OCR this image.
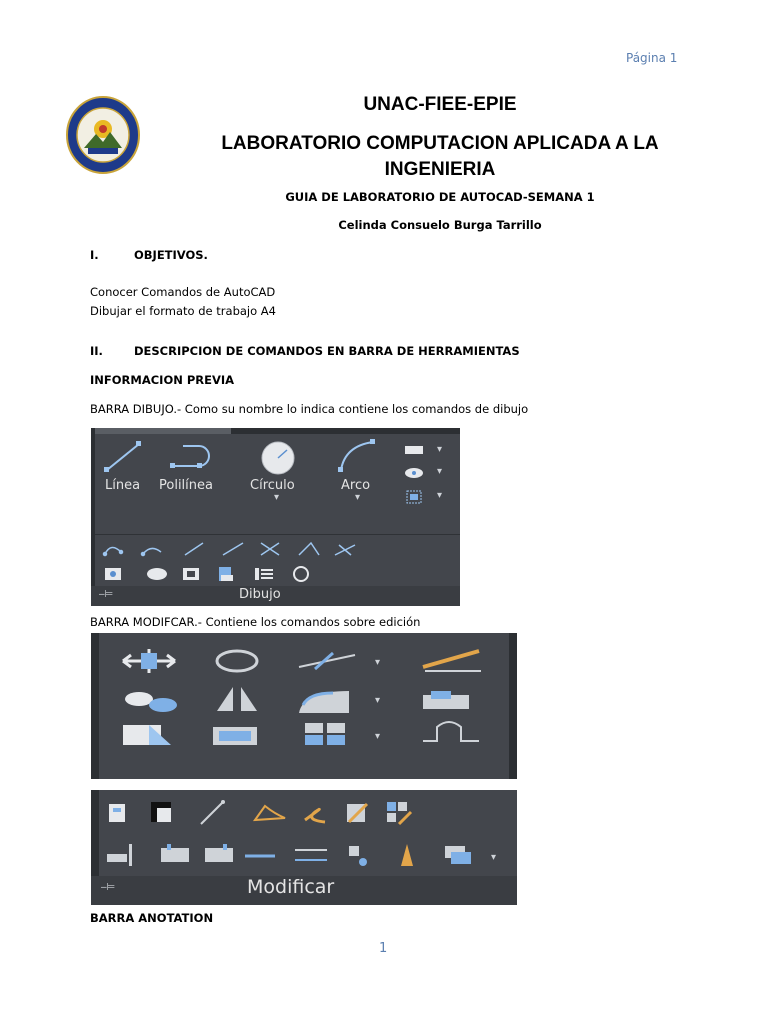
Página 1
UNAC-FIEE-EPIE
LABORATORIO COMPUTACION APLICADA A LA
INGENIERIA
GUIA DE LABORATORIO DE AUTOCAD-SEMANA 1
Celinda Consuelo Burga Tarrillo
I.	OBJETIVOS.
Conocer Comandos de AutoCAD
Dibujar el formato de trabajo A4
II.	DESCRIPCION DE COMANDOS EN BARRA DE HERRAMIENTAS
INFORMACION PREVIA
BARRA DIBUJO.- Como su nombre lo indica contiene los comandos de dibujo
Línea Polilínea	Círculo
▾
Arco
▾
▾
▾
▾
–⊨	Dibujo
BARRA MODIFCAR.- Contiene los comandos sobre edición
▾
▾
▾
▾
–⊨	Modificar
BARRA ANOTATION
1
